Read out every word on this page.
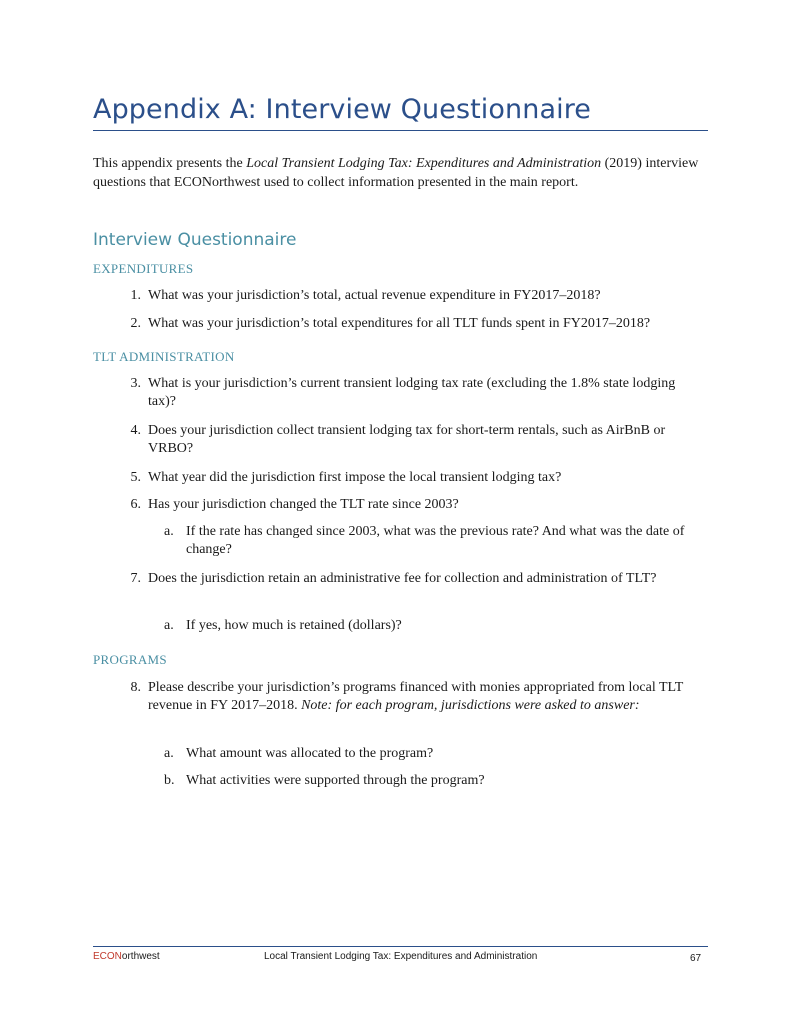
Appendix A: Interview Questionnaire
This appendix presents the Local Transient Lodging Tax: Expenditures and Administration (2019) interview questions that ECONorthwest used to collect information presented in the main report.
Interview Questionnaire
EXPENDITURES
1. What was your jurisdiction’s total, actual revenue expenditure in FY2017–2018?
2. What was your jurisdiction’s total expenditures for all TLT funds spent in FY2017–2018?
TLT ADMINISTRATION
3. What is your jurisdiction’s current transient lodging tax rate (excluding the 1.8% state lodging tax)?
4. Does your jurisdiction collect transient lodging tax for short-term rentals, such as AirBnB or VRBO?
5. What year did the jurisdiction first impose the local transient lodging tax?
6. Has your jurisdiction changed the TLT rate since 2003?
a. If the rate has changed since 2003, what was the previous rate? And what was the date of change?
7. Does the jurisdiction retain an administrative fee for collection and administration of TLT?
a. If yes, how much is retained (dollars)?
PROGRAMS
8. Please describe your jurisdiction’s programs financed with monies appropriated from local TLT revenue in FY 2017–2018. Note: for each program, jurisdictions were asked to answer:
a. What amount was allocated to the program?
b. What activities were supported through the program?
ECONorthwest	Local Transient Lodging Tax: Expenditures and Administration	67
